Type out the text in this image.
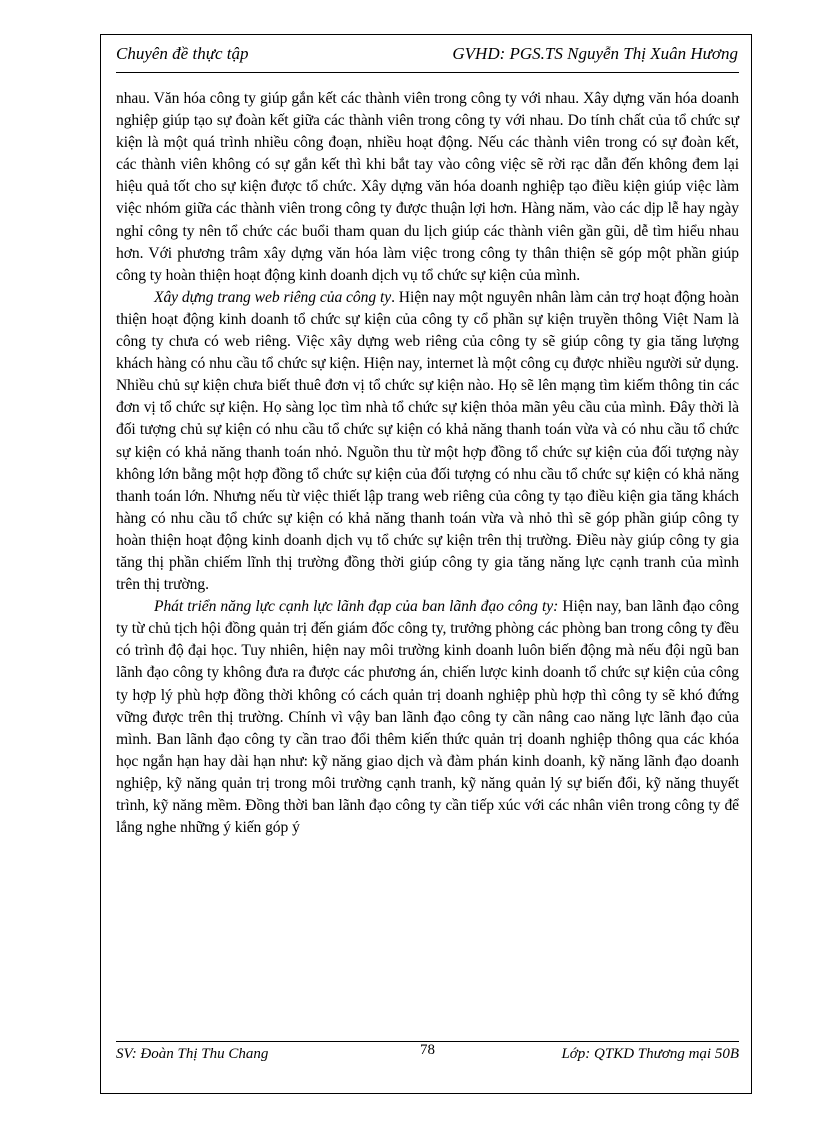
Chuyên đề thực tập	GVHD: PGS.TS Nguyễn Thị Xuân Hương

nhau. Văn hóa công ty giúp gắn kết các thành viên trong công ty với nhau. Xây dựng văn hóa doanh nghiệp giúp tạo sự đoàn kết giữa các thành viên trong công ty với nhau. Do tính chất của tổ chức sự kiện là một quá trình nhiều công đoạn, nhiều hoạt động. Nếu các thành viên trong có sự đoàn kết, các thành viên không có sự gắn kết thì khi bắt tay vào công việc sẽ rời rạc dẫn đến không đem lại hiệu quả tốt cho sự kiện được tổ chức. Xây dựng văn hóa doanh nghiệp tạo điều kiện giúp việc làm việc nhóm giữa các thành viên trong công ty được thuận lợi hơn. Hàng năm, vào các dịp lễ hay ngày nghỉ công ty nên tổ chức các buổi tham quan du lịch giúp các thành viên gần gũi, dễ tìm hiểu nhau hơn. Với phương trâm xây dựng văn hóa làm việc trong công ty thân thiện sẽ góp một phần giúp công ty hoàn thiện hoạt động kinh doanh dịch vụ tổ chức sự kiện của mình.

Xây dựng trang web riêng của công ty. Hiện nay một nguyên nhân làm cản trợ hoạt động hoàn thiện hoạt động kinh doanh tổ chức sự kiện của công ty cổ phần sự kiện truyền thông Việt Nam là công ty chưa có web riêng. Việc xây dựng web riêng của công ty sẽ giúp công ty gia tăng lượng khách hàng có nhu cầu tổ chức sự kiện. Hiện nay, internet là một công cụ được nhiều người sử dụng. Nhiều chủ sự kiện chưa biết thuê đơn vị tổ chức sự kiện nào. Họ sẽ lên mạng tìm kiếm thông tin các đơn vị tổ chức sự kiện. Họ sàng lọc tìm nhà tổ chức sự kiện thỏa mãn yêu cầu của mình. Đây thời là đối tượng chủ sự kiện có nhu cầu tổ chức sự kiện có khả năng thanh toán vừa và có nhu cầu tổ chức sự kiện có khả năng thanh toán nhỏ. Nguồn thu từ một hợp đồng tổ chức sự kiện của đối tượng này không lớn bằng một hợp đồng tổ chức sự kiện của đối tượng có nhu cầu tổ chức sự kiện có khả năng thanh toán lớn. Nhưng nếu từ việc thiết lập trang web riêng của công ty tạo điều kiện gia tăng khách hàng có nhu cầu tổ chức sự kiện có khả năng thanh toán vừa và nhỏ thì sẽ góp phần giúp công ty hoàn thiện hoạt động kinh doanh dịch vụ tổ chức sự kiện trên thị trường. Điều này giúp công ty gia tăng thị phần chiếm lĩnh thị trường đồng thời giúp công ty gia tăng năng lực cạnh tranh của mình trên thị trường.

Phát triển năng lực cạnh lực lãnh đạp của ban lãnh đạo công ty: Hiện nay, ban lãnh đạo công ty từ chủ tịch hội đồng quản trị đến giám đốc công ty, trưởng phòng các phòng ban trong công ty đều có trình độ đại học. Tuy nhiên, hiện nay môi trường kinh doanh luôn biến động mà nếu đội ngũ ban lãnh đạo công ty không đưa ra được các phương án, chiến lược kinh doanh tổ chức sự kiện của công ty hợp lý phù hợp đồng thời không có cách quản trị doanh nghiệp phù hợp thì công ty sẽ khó đứng vững được trên thị trường. Chính vì vậy ban lãnh đạo công ty cần nâng cao năng lực lãnh đạo của mình. Ban lãnh đạo công ty cần trao đổi thêm kiến thức quản trị doanh nghiệp thông qua các khóa học ngắn hạn hay dài hạn như: kỹ năng giao dịch và đàm phán kinh doanh, kỹ năng lãnh đạo doanh nghiệp, kỹ năng quản trị trong môi trường cạnh tranh, kỹ năng quản lý sự biến đổi, kỹ năng thuyết trình, kỹ năng mềm. Đồng thời ban lãnh đạo công ty cần tiếp xúc với các nhân viên trong công ty để lắng nghe những ý kiến góp ý

SV: Đoàn Thị Thu Chang	78	Lớp: QTKD Thương mại 50B
